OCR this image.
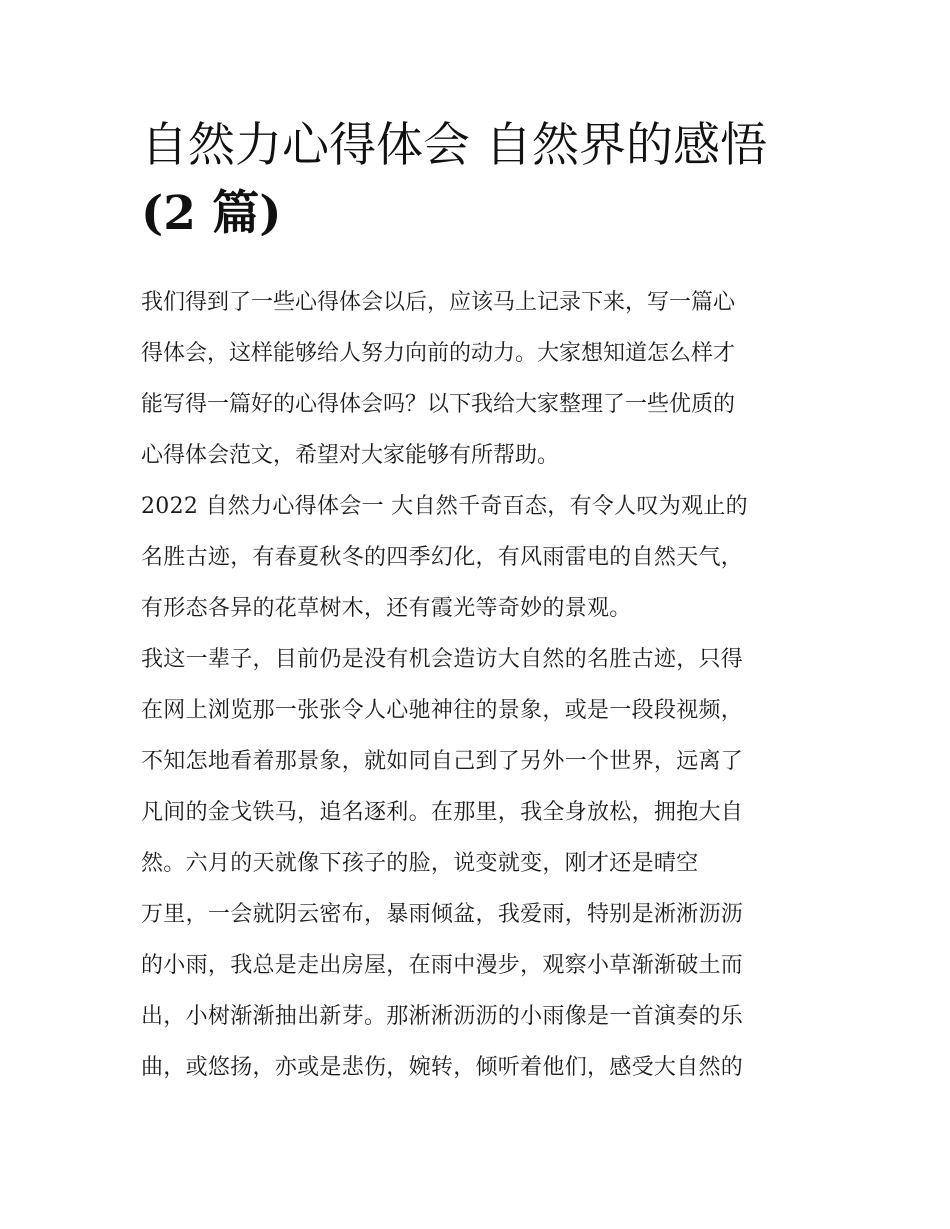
自然力心得体会 自然界的感悟
(2 篇)
我们得到了一些心得体会以后，应该马上记录下来，写一篇心
得体会，这样能够给人努力向前的动力。大家想知道怎么样才
能写得一篇好的心得体会吗？以下我给大家整理了一些优质的
心得体会范文，希望对大家能够有所帮助。
2022 自然力心得体会一 大自然千奇百态，有令人叹为观止的
名胜古迹，有春夏秋冬的四季幻化，有风雨雷电的自然天气，
有形态各异的花草树木，还有霞光等奇妙的景观。
我这一辈子，目前仍是没有机会造访大自然的名胜古迹，只得
在网上浏览那一张张令人心驰神往的景象，或是一段段视频，
不知怎地看着那景象，就如同自己到了另外一个世界，远离了
凡间的金戈铁马，追名逐利。在那里，我全身放松，拥抱大自
然。六月的天就像下孩子的脸，说变就变，刚才还是晴空
万里，一会就阴云密布，暴雨倾盆，我爱雨，特别是淅淅沥沥
的小雨，我总是走出房屋，在雨中漫步，观察小草渐渐破土而
出，小树渐渐抽出新芽。那淅淅沥沥的小雨像是一首演奏的乐
曲，或悠扬，亦或是悲伤，婉转，倾听着他们，感受大自然的
